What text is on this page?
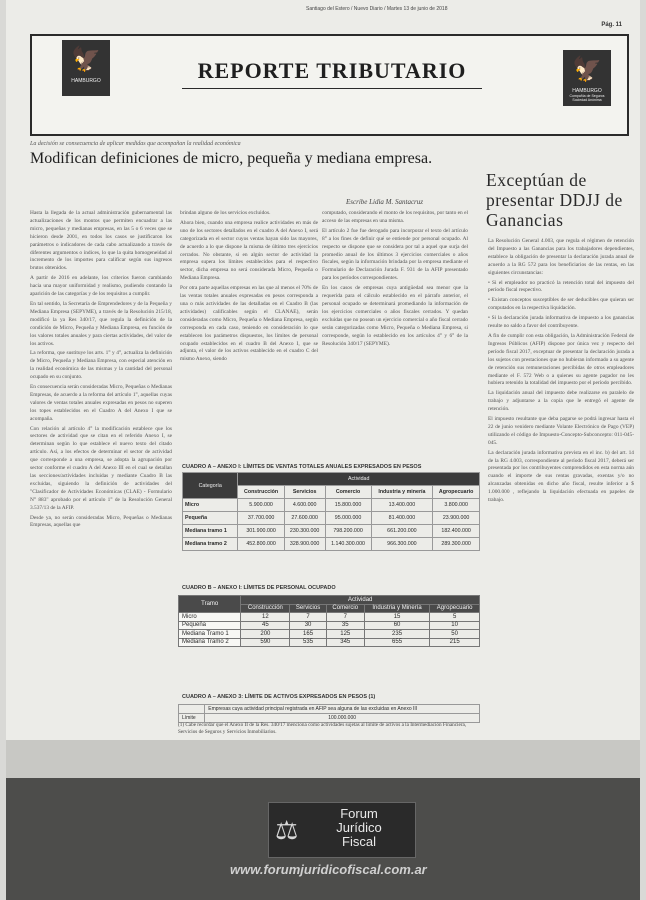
Santiago del Estero / Nuevo Diario / Martes 13 de junio de 2018
Pág. 11
🦅
HAMBURGO	REPORTE TRIBUTARIO	🦅
HAMBURGO
Compañía de Seguros Sociedad Anónima
La decisión se consecuencia de aplicar medidas que acompañan la realidad económica
Modifican definiciones de micro, pequeña y mediana empresa.
Escribe Lidia M. Santacruz
Exceptúan de presentar DDJJ de Ganancias

Hasta la llegada de la actual administración gubernamental las actualizaciones de los montos que permiten encuadrar a las micro, pequeñas y medianas empresas, en las 5 o 6 veces que se hicieron desde 2001, en todos los casos se justificaron los parámetros o indicadores de cada cabo actualizando a través de diferentes argumentos o índices, lo que la quita homogeneidad al incremento de los importes para calificar según sus ingresos brutos obtenidos.

A partir de 2016 en adelante, los criterios fueron cambiando hacia una mayor uniformidad y realismo, pudiendo contando la aparición de las categorías y de los requisitos a cumplir.

En tal sentido, la Secretaría de Emprendedores y de la Pequeña y Mediana Empresa (SEPYME), a través de la Resolución 215/18, modificó la ya Res 340/17, que regula la definición de la condición de Micro, Pequeña y Mediana Empresa, en función de los valores totales anuales y para ciertas actividades, del valor de los activos.

La reforma, que sustituye los arts. 1° y 4°, actualiza la definición de Micro, Pequeña y Mediana Empresa, con especial atención en la realidad económica de las mismas y la cantidad del personal ocupado en su conjunto.

En consecuencia serán consideradas Micro, Pequeñas o Medianas Empresas, de acuerdo a la reforma del artículo 1°, aquellas cuyas valores de ventas totales anuales expresadas en pesos no superen los topes establecidos en el Cuadro A del Anexo I que se acompaña.

Con relación al artículo 4° la modificación establece que los sectores de actividad que se citan en el referido Anexo I, se determinan según lo que establece el nuevo texto del citado artículo. Así, a los efectos de determinar el sector de actividad que corresponde a una empresa, se adopta la agrupación por sector conforme el cuadro A del Anexo III en el cual se detallan las secciones/actividades incluidas y mediante Cuadro B las excluidas, siguiendo la definición de actividades del "Clasificador de Actividades Económicas (CLAE) - Formulario N° 883" aprobado por el artículo 1° de la Resolución General 3.537/13 de la AFIP.

Desde ya, no serán consideradas Micro, Pequeñas o Medianas Empresas, aquellas que

brindan alguno de los servicios excluidos.

Ahora bien, cuando una empresa realice actividades en más de uno de los sectores detallados en el cuadro A del Anexo I, será categorizada en el sector cuyos ventas hayan sido las mayores, de acuerdo a lo que dispone la misma de último tres ejercicios cerrados. No obstante, si en algún sector de actividad la empresa supera los límites establecidos para el respectivo sector, dicha empresa no será considerada Micro, Pequeña o Mediana Empresa.

Por otra parte aquellas empresas en las que al menos el 70% de las ventas totales anuales expresadas en pesos corresponda a una o más actividades de las detalladas en el Cuadro B (las actividades) calificables según el CLANAE), serán consideradas como Micro, Pequeña o Mediana Empresa, según corresponda en cada caso, teniendo en consideración lo que establecen los parámetros dispuestos, los límites de personal ocupado establecidos en el cuadro B del Anexo I, que se adjunta, el valor de los activos establecido en el cuadro C del mismo Anexo, siendo

computado, considerando el monto de los requisitos, por tanto en el acceso de las empresas en una misma.

El artículo 2 fue fue derogado para incorporar el texto del artículo 8° a los fines de definir qué se entiende por personal ocupado. Al respecto se dispone que se considera por tal a aquel que surja del promedio anual de los últimos 3 ejercicios comerciales o años fiscales, según la información brindada por la empresa mediante el Formulario de Declaración Jurada F. 931 de la AFIP presentado para los períodos correspondientes.

En los casos de empresas cuya antigüedad sea menor que la requerida para el cálculo establecido en el párrafo anterior, el personal ocupado se determinará promediando la información de los ejercicios comerciales o años fiscales cerrados. Y quedan excluidas que no posean un ejercicio comercial o año fiscal cerrado serán categorizadas como Micro, Pequeña o Mediana Empresa, si corresponde, según lo establecido en los artículos 4° y 6° de la Resolución 340/17 (SEPYME).

La Resolución General 4.003, que regula el régimen de retención del Impuesto a las Ganancias para los trabajadores dependientes, establece la obligación de presentar la declaración jurada anual de acuerdo a la RG 572 para los beneficiarios de las rentas, en las siguientes circunstancias:

• Si el empleador no practicó la retención total del impuesto del período fiscal respectivo.

• Existan conceptos susceptibles de ser deducibles que quieran ser computados en la respectiva liquidación.

• Si la declaración jurada informativa de impuesto a los ganancias resulte no saldo a favor del contribuyente.

A fin de cumplir con esta obligación, la Administración Federal de Ingresos Públicos (AFIP) dispone por única vez y respecto del período fiscal 2017, exceptuar de presentar la declaración jurada a los sujetos con prestaciones que no hubieran informado a su agente de retención sus remuneraciones percibidas de otros empleadores mediante el F. 572 Web o a quienes su agente pagador no les hubiera retenido la totalidad del impuesto por el período percibido.

La liquidación anual del impuesto debe realizarse en paralelo de trabajo y adjuntarse a la copia que le entregó el agente de retención.

El impuesto resultante que deba pagarse se podrá ingresar hasta el 22 de junio venidero mediante Volante Electrónico de Pago (VEP) utilizando el código de Impuesto-Concepto-Subconcepto: 011-045-045.

La declaración jurada informativa prevista en el inc. b) del art. 14 de la RG 4.003, correspondiente al período fiscal 2017, deberá ser presentada por los contribuyentes comprendidos en esta norma aún cuando el importe de sus rentas gravadas, exentas y/o no alcanzadas obtenidas en dicho año fiscal, resulte inferior a $ 1.000.000 , reflejando la liquidación efectuada en papeles de trabajo.

CUADRO A – ANEXO I: LÍMITES DE VENTAS TOTALES ANUALES EXPRESADOS EN PESOS
Categoría	Actividad				
	Construcción	Servicios	Comercio	Industria y minería	Agropecuario
Micro	5.900.000	4.600.000	15.800.000	13.400.000	3.800.000
Pequeña	37.700.000	27.600.000	95.000.000	81.400.000	23.900.000
Mediana tramo 1	301.900.000	230.300.000	798.200.000	661.200.000	182.400.000
Mediana tramo 2	452.800.000	328.900.000	1.140.300.000	966.300.000	289.300.000
CUADRO B – ANEXO I: LÍMITES DE PERSONAL OCUPADO
Tramo	Actividad				
	Construcción	Servicios	Comercio	Industria y Minería	Agropecuario
Micro	12	7	7	15	5
Pequeña	45	30	35	60	10
Mediana Tramo 1	200	165	125	235	50
Mediana Tramo 2	590	535	345	655	215
CUADRO A – ANEXO 3: LÍMITE DE ACTIVOS EXPRESADOS EN PESOS (1)
	Empresas cuya actividad principal registrada en AFIP sea alguna de las excluidas en Anexo III
Límite	100.000.000
(1) Cabe recordar que el Anexo II de la Res. 340/17 menciona como actividades sujetas al límite de activos a la Intermediación Financiera, Servicios de Seguros y Servicios Inmobiliarios.
⚖
Forum
Jurídico
Fiscal
www.forumjuridicofiscal.com.ar
